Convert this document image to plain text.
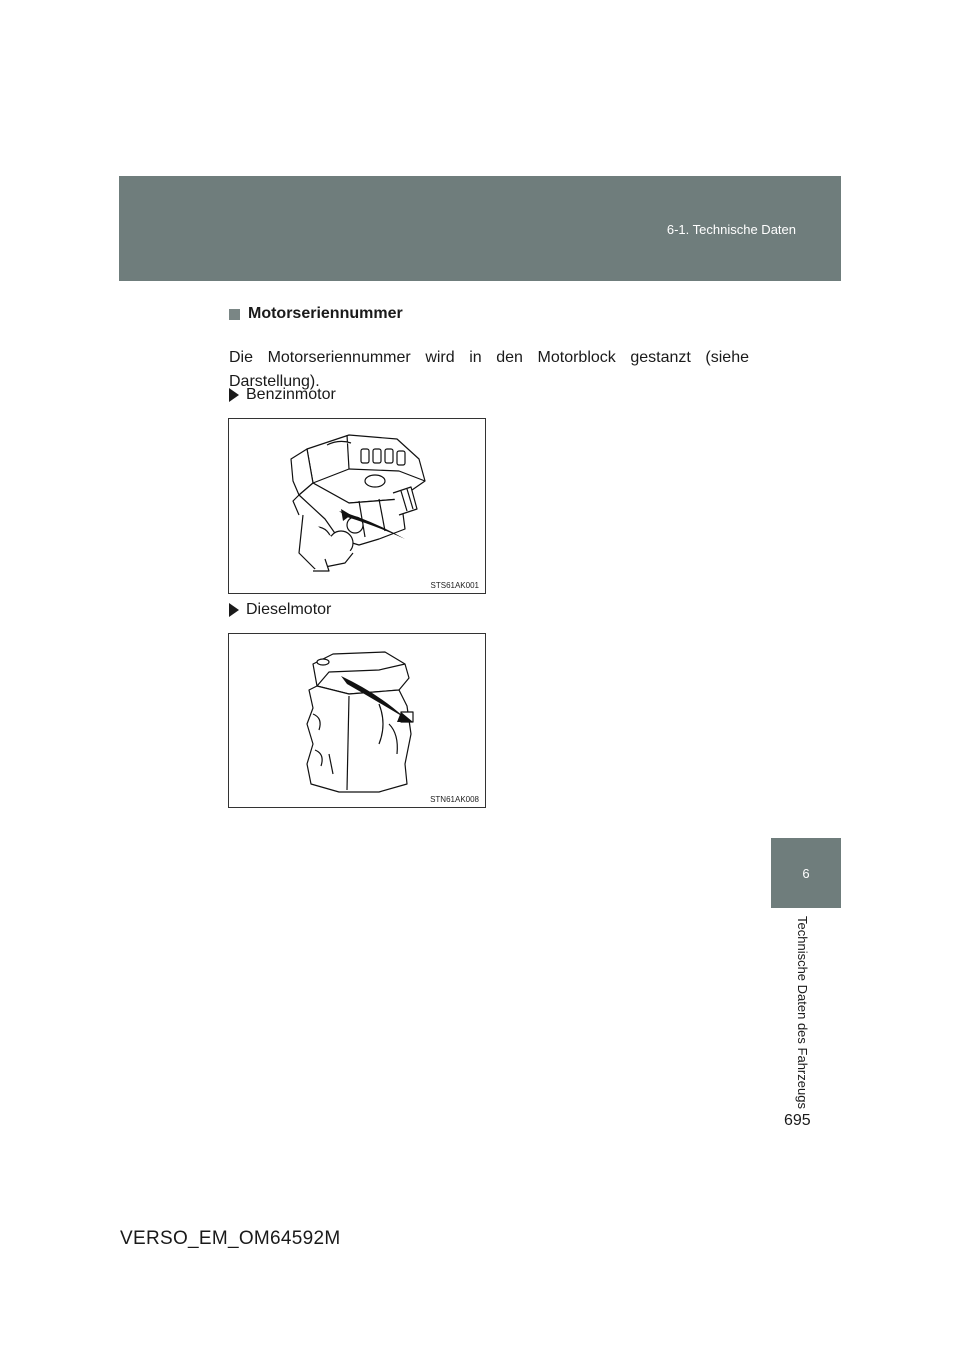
6-1. Technische Daten
Motorseriennummer

Die Motorseriennummer wird in den Motorblock gestanzt (siehe Darstellung).

Benzinmotor
STS61AK001
Dieselmotor
STN61AK008
6
Technische Daten des Fahrzeugs
695
VERSO_EM_OM64592M
